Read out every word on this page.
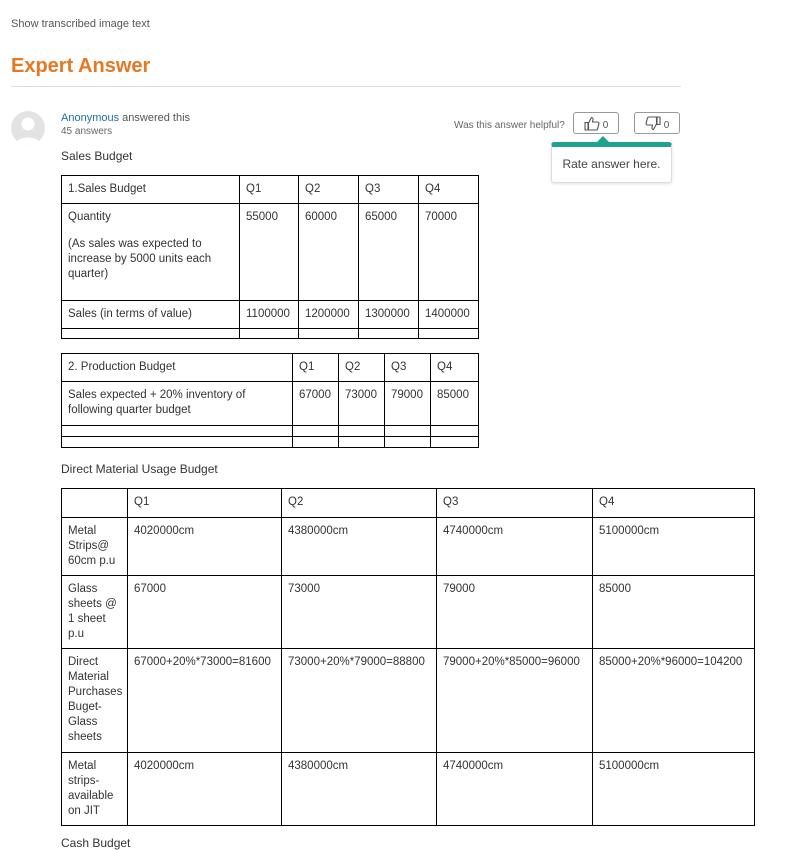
Show transcribed image text
Expert Answer
Anonymous answered this
45 answers
Was this answer helpful?	0	0
Rate answer here.
Sales Budget
1.Sales Budget	Q1	Q2	Q3	Q4

Quantity
(As sales was expected to increase by 5000 units each quarter)	55000	60000	65000	70000
Sales (in terms of value)	1100000	1200000	1300000	1400000

2. Production Budget	Q1	Q2	Q3	Q4
Sales expected + 20% inventory of following quarter budget	67000	73000	79000	85000

Direct Material Usage Budget
	Q1	Q2	Q3	Q4
Metal Strips@ 60cm p.u	4020000cm	4380000cm	4740000cm	5100000cm
Glass sheets @ 1 sheet p.u	67000	73000	79000	85000
Direct Material Purchases Buget-Glass sheets	67000+20%*73000=81600	73000+20%*79000=88800	79000+20%*85000=96000	85000+20%*96000=104200
Metal strips-available on JIT	4020000cm	4380000cm	4740000cm	5100000cm
Cash Budget
